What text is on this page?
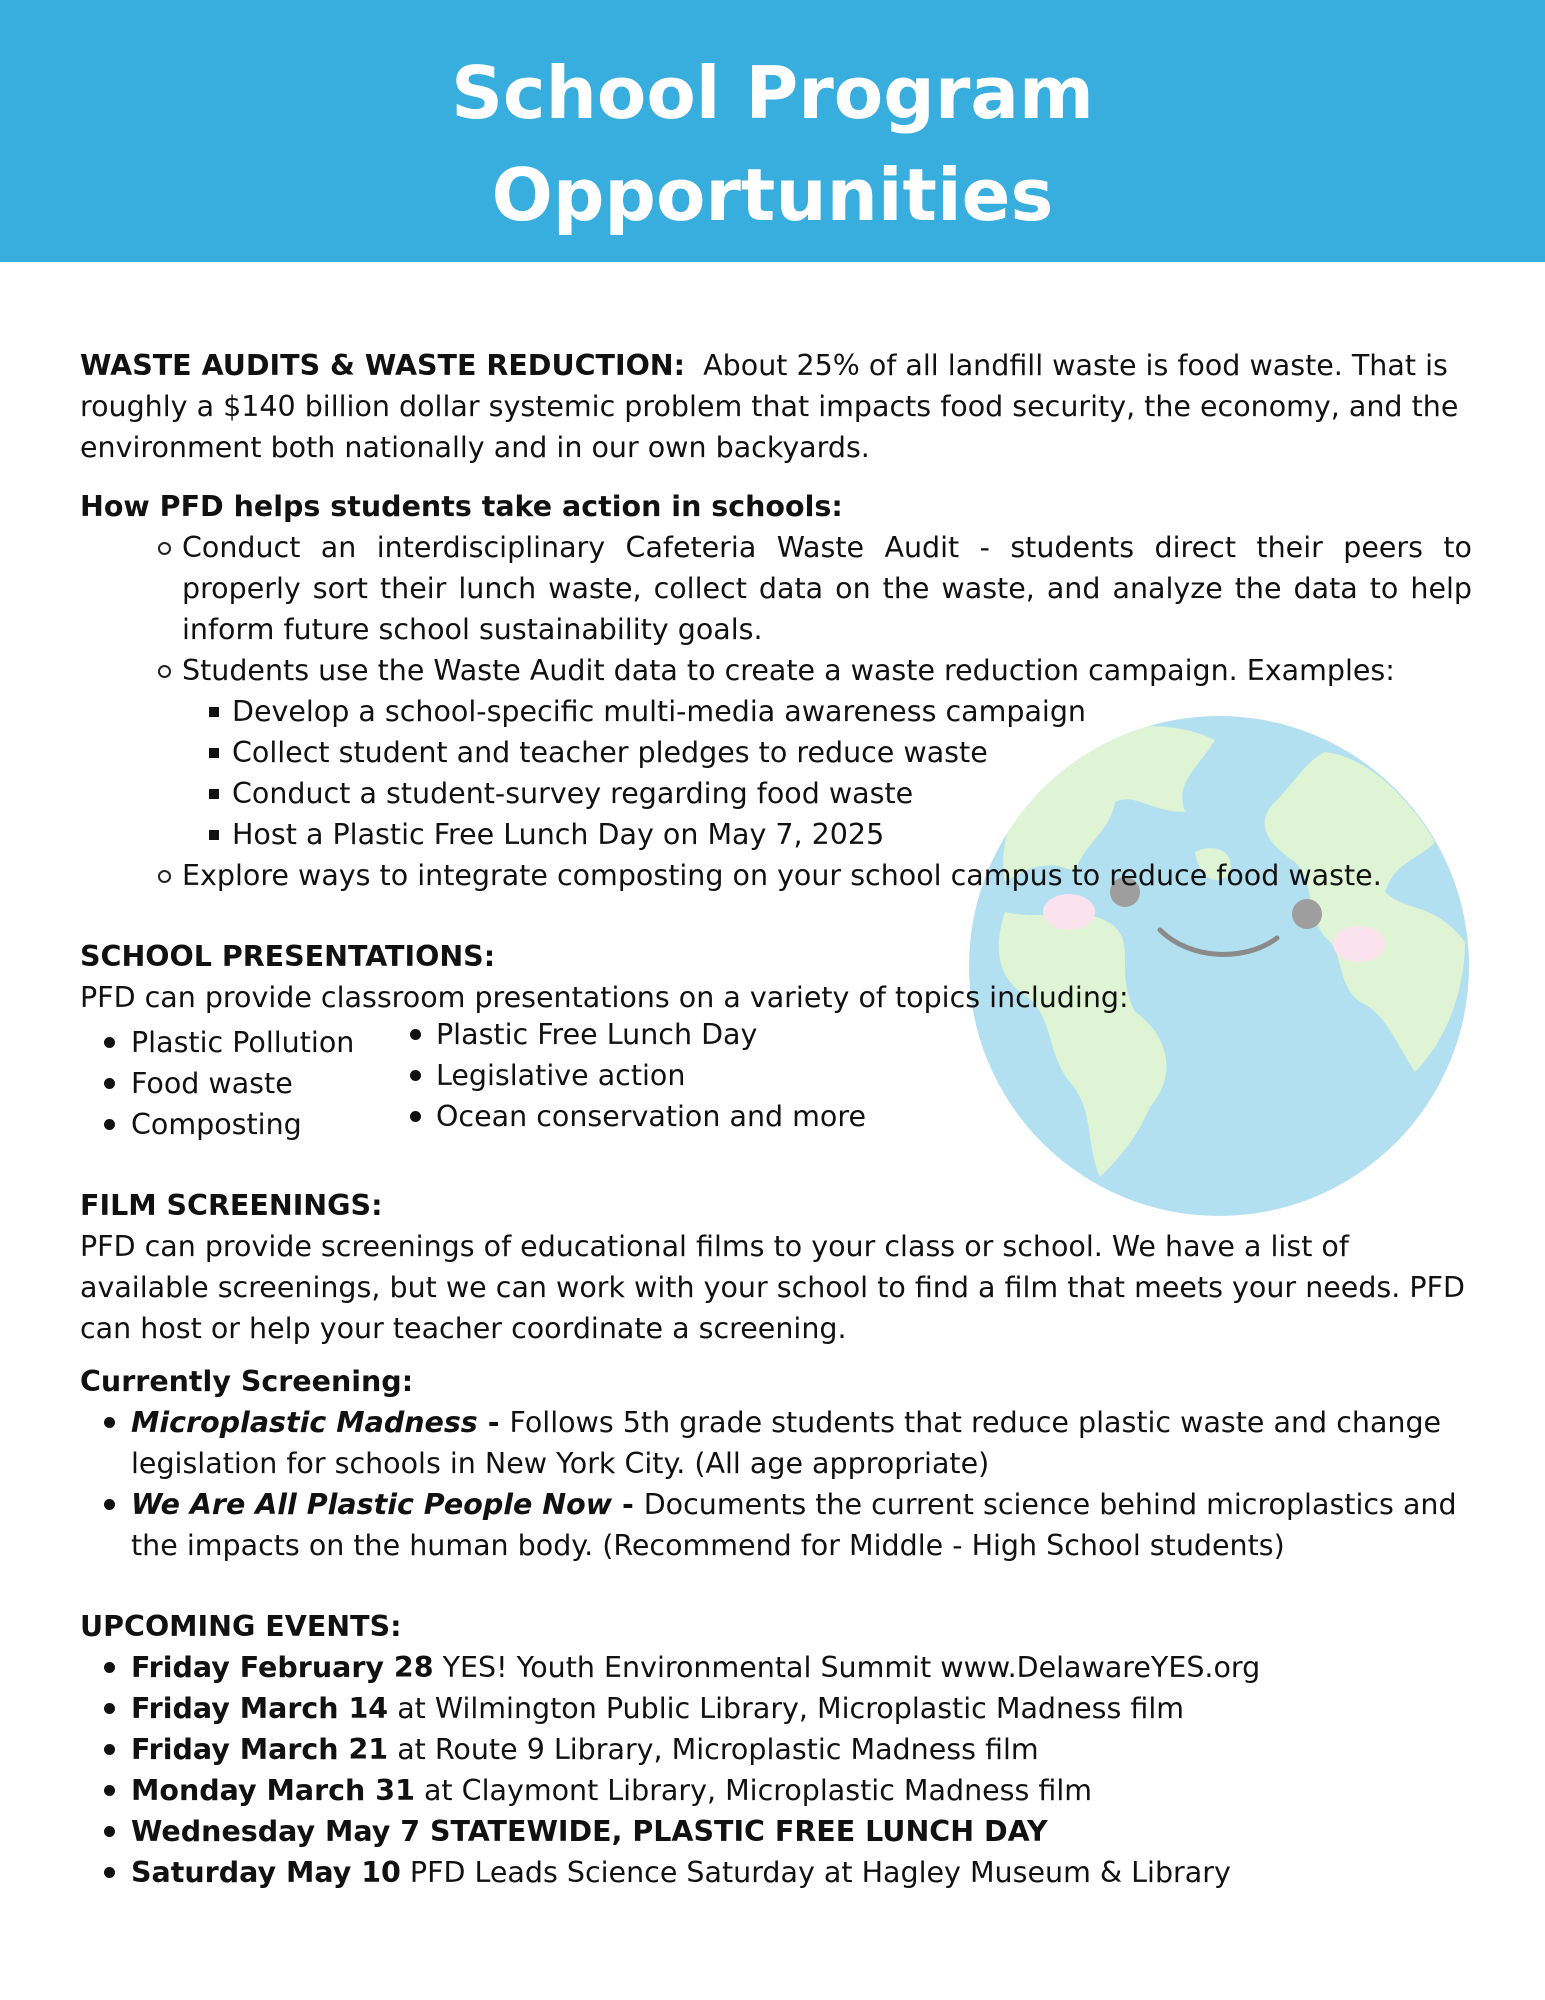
School Program
Opportunities

WASTE AUDITS & WASTE REDUCTION: About 25% of all landfill waste is food waste. That is roughly a $140 billion dollar systemic problem that impacts food security, the economy, and the environment both nationally and in our own backyards.

How PFD helps students take action in schools:

Conduct an interdisciplinary Cafeteria Waste Audit - students direct their peers to properly sort their lunch waste, collect data on the waste, and analyze the data to help inform future school sustainability goals.
Students use the Waste Audit data to create a waste reduction campaign. Examples:
Develop a school-specific multi-media awareness campaign
Collect student and teacher pledges to reduce waste
Conduct a student-survey regarding food waste
Host a Plastic Free Lunch Day on May 7, 2025
Explore ways to integrate composting on your school campus to reduce food waste.

SCHOOL PRESENTATIONS:

PFD can provide classroom presentations on a variety of topics including:

Plastic Pollution
Food waste
Composting
Plastic Free Lunch Day
Legislative action
Ocean conservation and more

FILM SCREENINGS:

PFD can provide screenings of educational films to your class or school. We have a list of available screenings, but we can work with your school to find a film that meets your needs. PFD can host or help your teacher coordinate a screening.

Currently Screening:

Microplastic Madness - Follows 5th grade students that reduce plastic waste and change legislation for schools in New York City. (All age appropriate)
We Are All Plastic People Now - Documents the current science behind microplastics and the impacts on the human body. (Recommend for Middle - High School students)

UPCOMING EVENTS:

Friday February 28 YES! Youth Environmental Summit www.DelawareYES.org
Friday March 14 at Wilmington Public Library, Microplastic Madness film
Friday March 21 at Route 9 Library, Microplastic Madness film
Monday March 31 at Claymont Library, Microplastic Madness film
Wednesday May 7 STATEWIDE, PLASTIC FREE LUNCH DAY
Saturday May 10 PFD Leads Science Saturday at Hagley Museum & Library
